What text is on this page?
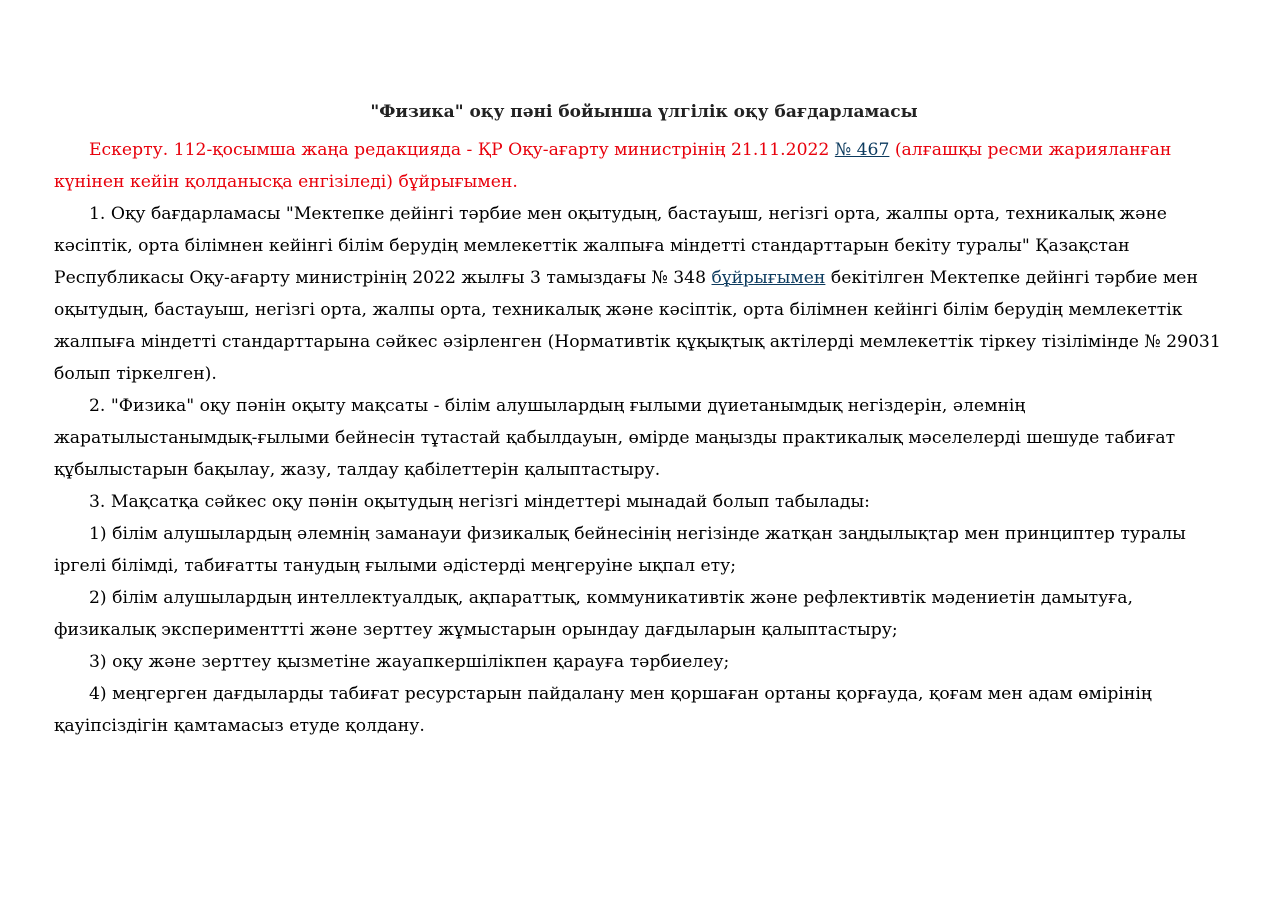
"Физика" оқу пәні бойынша үлгілік оқу бағдарламасы

Ескерту. 112-қосымша жаңа редакцияда - ҚР Оқу-ағарту министрінің 21.11.2022 № 467 (алғашқы ресми жарияланған күнінен кейін қолданысқа енгізіледі) бұйрығымен.

1. Оқу бағдарламасы "Мектепке дейінгі тәрбие мен оқытудың, бастауыш, негізгі орта, жалпы орта, техникалық және кәсіптік, орта білімнен кейінгі білім берудің мемлекеттік жалпыға міндетті стандарттарын бекіту туралы" Қазақстан Республикасы Оқу-ағарту министрінің 2022 жылғы 3 тамыздағы № 348 бұйрығымен бекітілген Мектепке дейінгі тәрбие мен оқытудың, бастауыш, негізгі орта, жалпы орта, техникалық және кәсіптік, орта білімнен кейінгі білім берудің мемлекеттік жалпыға міндетті стандарттарына сәйкес әзірленген (Нормативтік құқықтық актілерді мемлекеттік тіркеу тізілімінде № 29031 болып тіркелген).

2. "Физика" оқу пәнін оқыту мақсаты - білім алушылардың ғылыми дүиетанымдық негіздерін, әлемнің жаратылыстанымдық-ғылыми бейнесін тұтастай қабылдауын, өмірде маңызды практикалық мәселелерді шешуде табиғат құбылыстарын бақылау, жазу, талдау қабілеттерін қалыптастыру.

3. Мақсатқа сәйкес оқу пәнін оқытудың негізгі міндеттері мынадай болып табылады:

1) білім алушылардың әлемнің заманауи физикалық бейнесінің негізінде жатқан заңдылықтар мен принциптер туралы іргелі білімді, табиғатты танудың ғылыми әдістерді меңгеруіне ықпал ету;

2) білім алушылардың интеллектуалдық, ақпараттық, коммуникативтік және рефлективтік мәдениетін дамытуға, физикалық эксперименттті және зерттеу жұмыстарын орындау дағдыларын қалыптастыру;

3) оқу және зерттеу қызметіне жауапкершілікпен қарауға тәрбиелеу;

4) меңгерген дағдыларды табиғат ресурстарын пайдалану мен қоршаған ортаны қорғауда, қоғам мен адам өмірінің қауіпсіздігін қамтамасыз етуде қолдану.
